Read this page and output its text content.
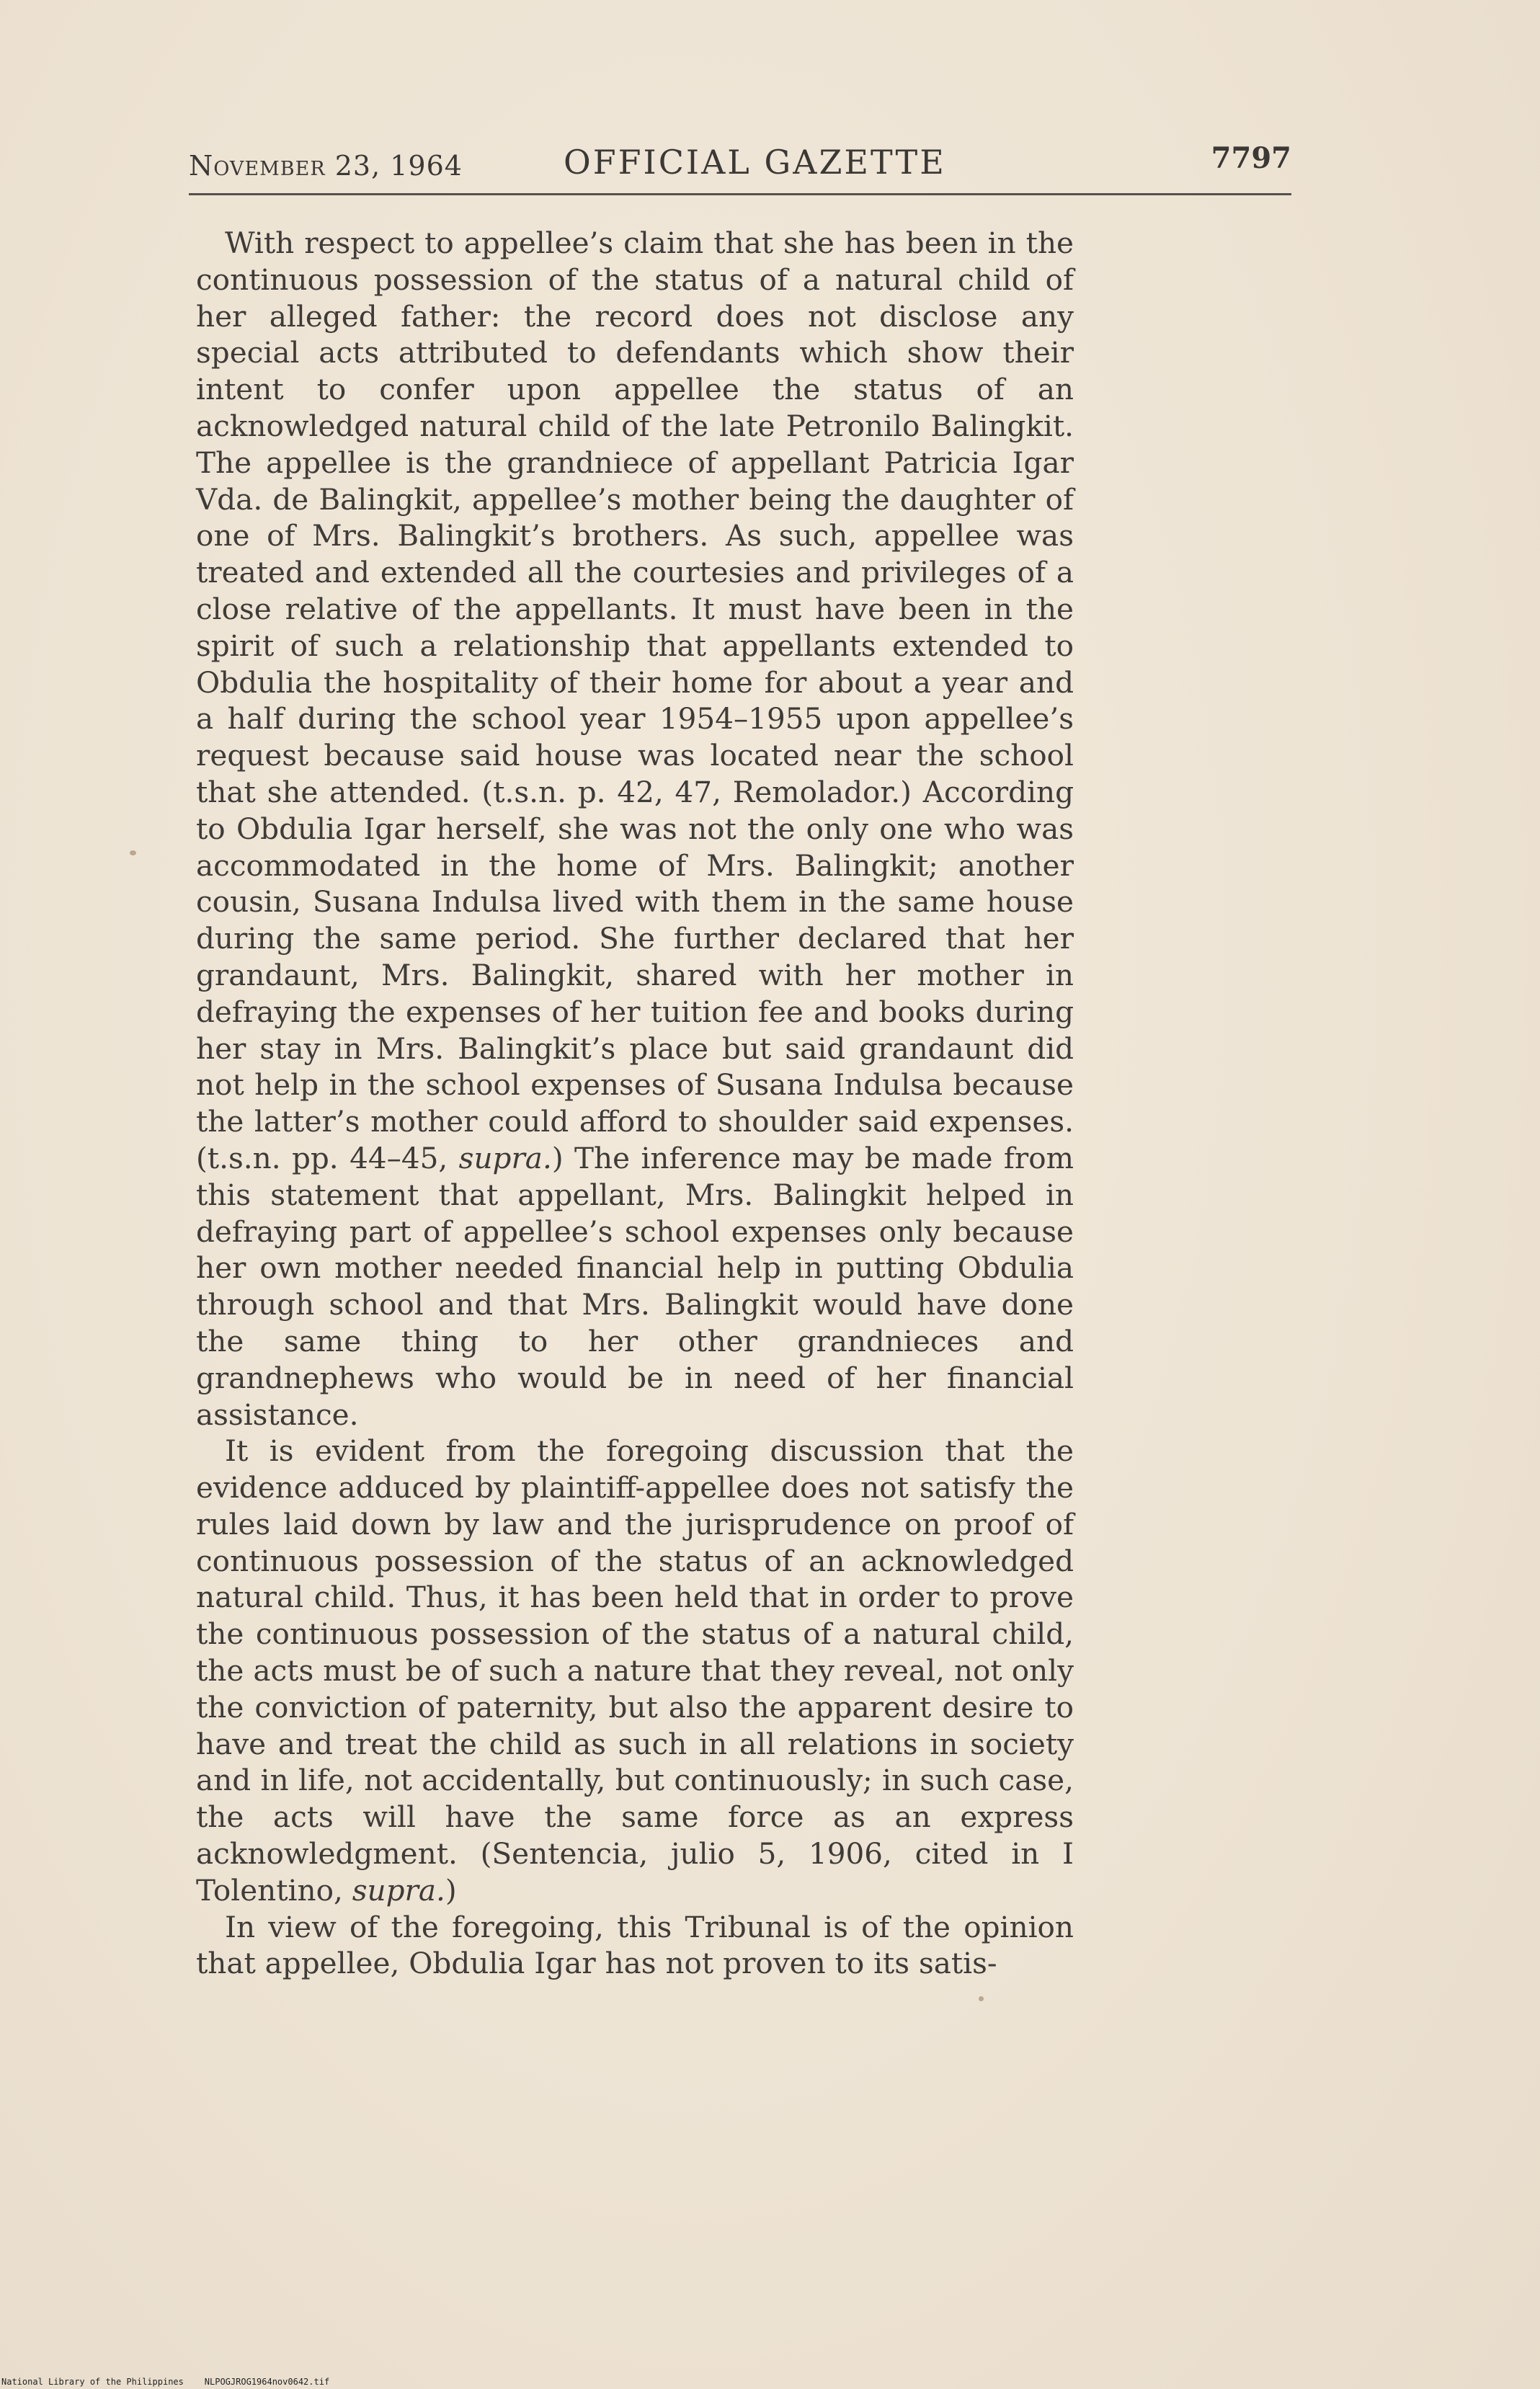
November 23, 1964	OFFICIAL GAZETTE	7797

With respect to appellee’s claim that she has been in the continuous possession of the status of a natural child of her alleged father: the record does not disclose any special acts attributed to defendants which show their intent to confer upon appellee the status of an acknowledged natural child of the late Petronilo Balingkit. The appellee is the grandniece of appellant Patricia Igar Vda. de Balingkit, appellee’s mother being the daughter of one of Mrs. Balingkit’s brothers. As such, appellee was treated and extended all the courtesies and privileges of a close relative of the appellants. It must have been in the spirit of such a relationship that appellants extended to Obdulia the hospitality of their home for about a year and a half during the school year 1954–1955 upon appellee’s request because said house was located near the school that she attended. (t.s.n. p. 42, 47, Remolador.) According to Obdulia Igar herself, she was not the only one who was accommodated in the home of Mrs. Balingkit; another cousin, Susana Indulsa lived with them in the same house during the same period. She further declared that her grandaunt, Mrs. Balingkit, shared with her mother in defraying the expenses of her tuition fee and books during her stay in Mrs. Balingkit’s place but said grandaunt did not help in the school expenses of Susana Indulsa because the latter’s mother could afford to shoulder said expenses. (t.s.n. pp. 44–45, supra.) The inference may be made from this statement that appellant, Mrs. Balingkit helped in defraying part of appellee’s school expenses only because her own mother needed financial help in putting Obdulia through school and that Mrs. Balingkit would have done the same thing to her other grandnieces and grandnephews who would be in need of her financial assistance.

It is evident from the foregoing discussion that the evidence adduced by plaintiff-appellee does not satisfy the rules laid down by law and the jurisprudence on proof of continuous possession of the status of an acknowledged natural child. Thus, it has been held that in order to prove the continuous possession of the status of a natural child, the acts must be of such a nature that they reveal, not only the conviction of paternity, but also the apparent desire to have and treat the child as such in all relations in society and in life, not accidentally, but continuously; in such case, the acts will have the same force as an express acknowledgment. (Sentencia, julio 5, 1906, cited in I Tolentino, supra.)

In view of the foregoing, this Tribunal is of the opinion that appellee, Obdulia Igar has not proven to its satis-

National Library of the Philippines NLPOGJROG1964nov0642.tif
